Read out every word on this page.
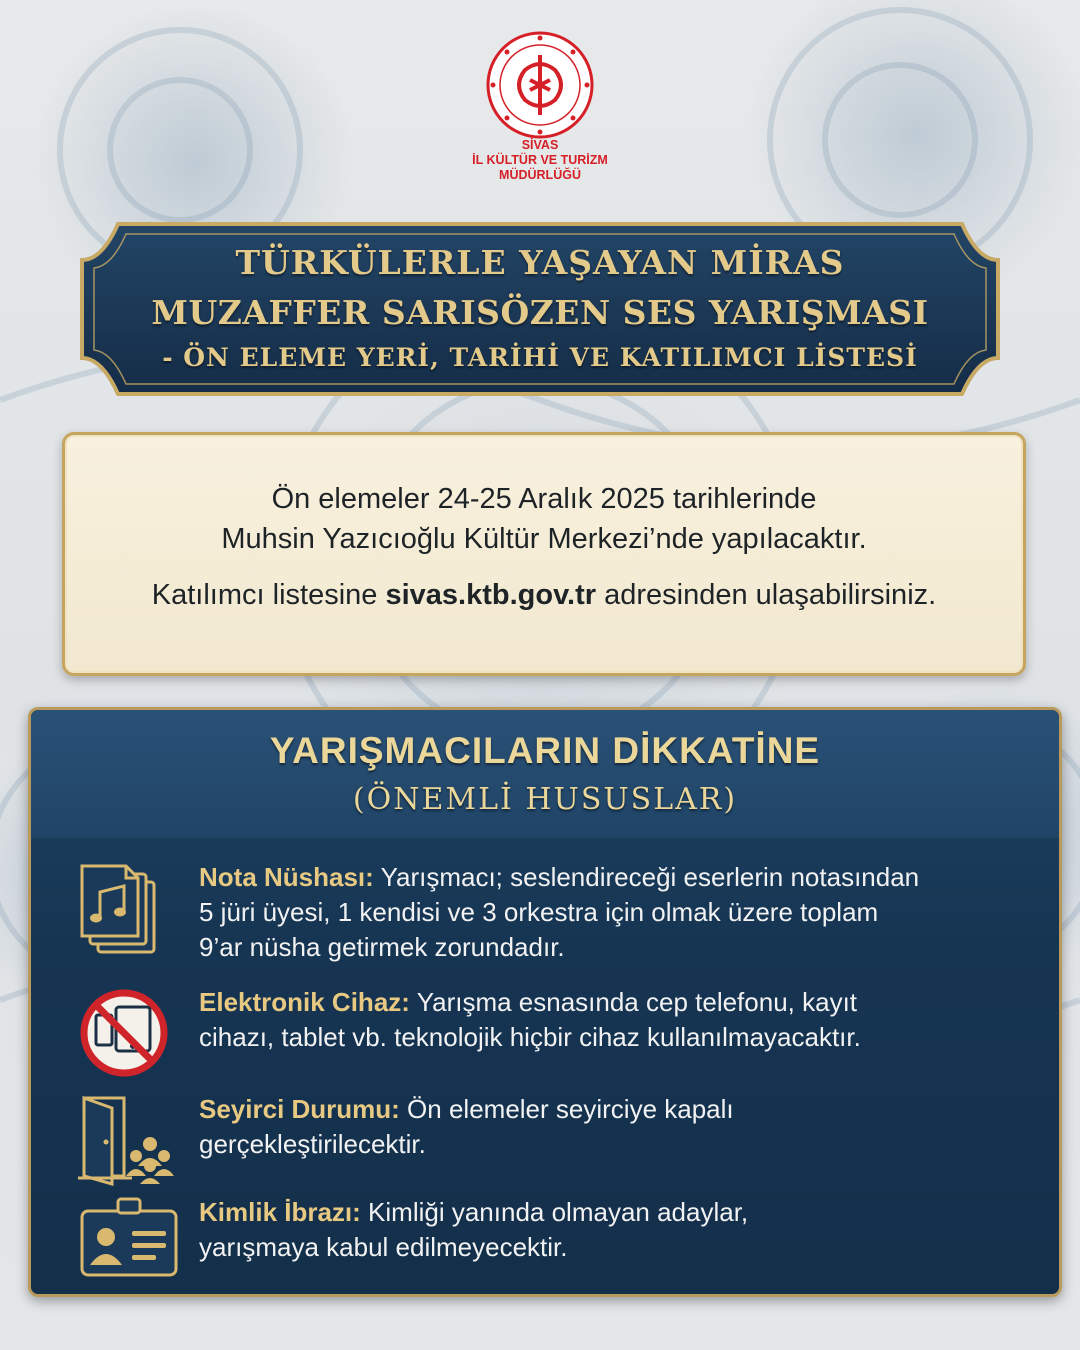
SİVAS
İL KÜLTÜR VE TURİZM
MÜDÜRLÜĞÜ
TÜRKÜLERLE YAŞAYAN MİRAS
MUZAFFER SARISÖZEN SES YARIŞMASI
- ÖN ELEME YERİ, TARİHİ VE KATILIMCI LİSTESİ
Ön elemeler 24-25 Aralık 2025 tarihlerinde
Muhsin Yazıcıoğlu Kültür Merkezi’nde yapılacaktır.
Katılımcı listesine sivas.ktb.gov.tr adresinden ulaşabilirsiniz.
YARIŞMACILARIN DİKKATİNE
(ÖNEMLİ HUSUSLAR)
Nota Nüshası: Yarışmacı; seslendireceği eserlerin notasından
5 jüri üyesi, 1 kendisi ve 3 orkestra için olmak üzere toplam
9’ar nüsha getirmek zorundadır.
Elektronik Cihaz: Yarışma esnasında cep telefonu, kayıt
cihazı, tablet vb. teknolojik hiçbir cihaz kullanılmayacaktır.
Seyirci Durumu: Ön elemeler seyirciye kapalı
gerçekleştirilecektir.
Kimlik İbrazı: Kimliği yanında olmayan adaylar,
yarışmaya kabul edilmeyecektir.
